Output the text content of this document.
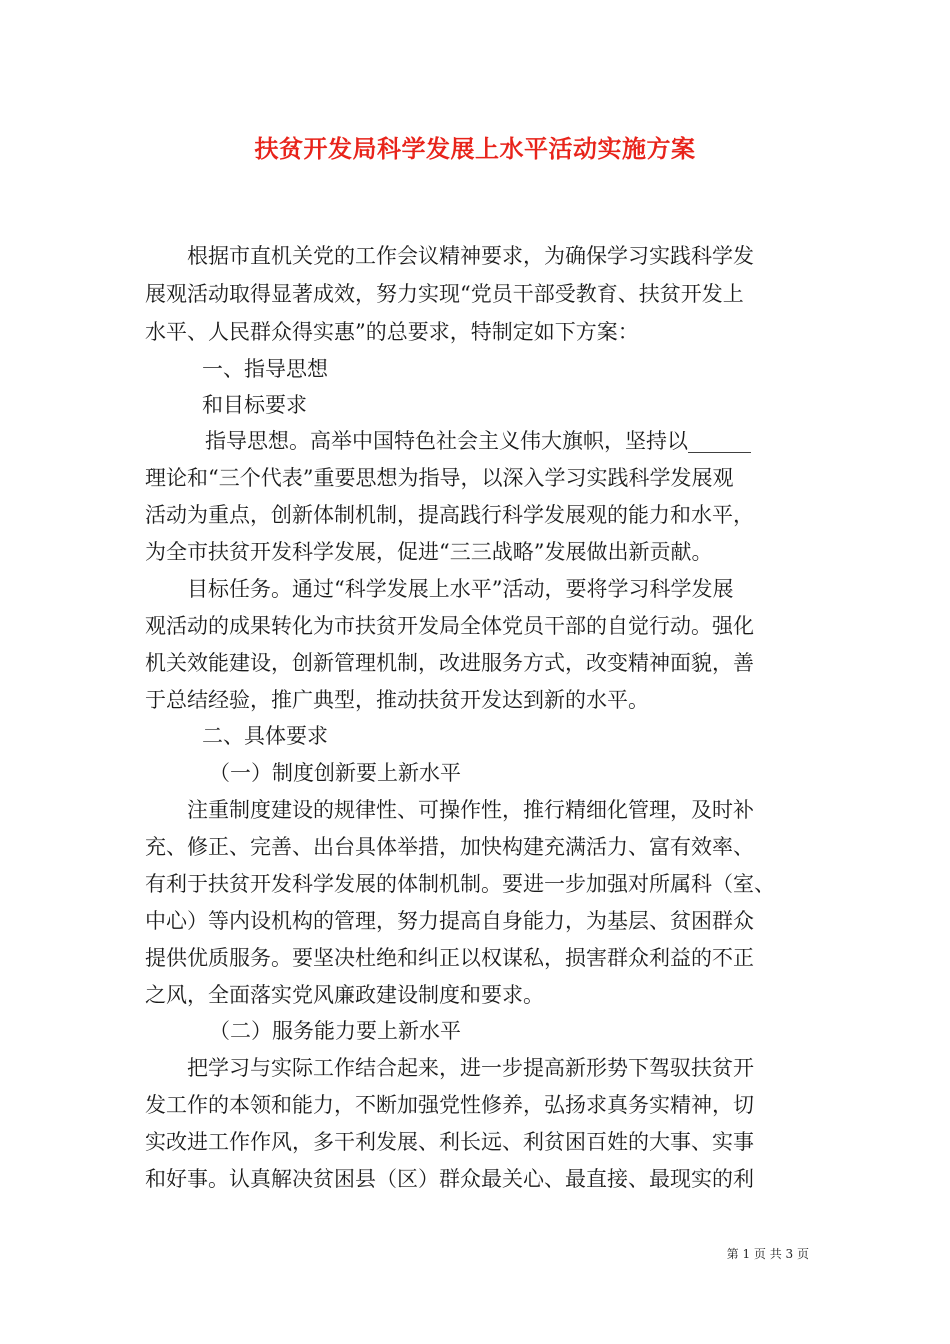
扶贫开发局科学发展上水平活动实施方案
根据市直机关党的工作会议精神要求，为确保学习实践科学发
展观活动取得显著成效，努力实现“党员干部受教育、扶贫开发上
水平、人民群众得实惠”的总要求，特制定如下方案：
一、指导思想
和目标要求
指导思想。高举中国特色社会主义伟大旗帜，坚持以______
理论和“三个代表”重要思想为指导，以深入学习实践科学发展观
活动为重点，创新体制机制，提高践行科学发展观的能力和水平，
为全市扶贫开发科学发展，促进“三三战略”发展做出新贡献。
目标任务。通过“科学发展上水平”活动，要将学习科学发展
观活动的成果转化为市扶贫开发局全体党员干部的自觉行动。强化
机关效能建设，创新管理机制，改进服务方式，改变精神面貌，善
于总结经验，推广典型，推动扶贫开发达到新的水平。
二、具体要求
（一）制度创新要上新水平
注重制度建设的规律性、可操作性，推行精细化管理，及时补
充、修正、完善、出台具体举措，加快构建充满活力、富有效率、
有利于扶贫开发科学发展的体制机制。要进一步加强对所属科（室、
中心）等内设机构的管理，努力提高自身能力，为基层、贫困群众
提供优质服务。要坚决杜绝和纠正以权谋私，损害群众利益的不正
之风，全面落实党风廉政建设制度和要求。
（二）服务能力要上新水平
把学习与实际工作结合起来，进一步提高新形势下驾驭扶贫开
发工作的本领和能力，不断加强党性修养，弘扬求真务实精神，切
实改进工作作风，多干利发展、利长远、利贫困百姓的大事、实事
和好事。认真解决贫困县（区）群众最关心、最直接、最现实的利
第 1 页 共 3 页
